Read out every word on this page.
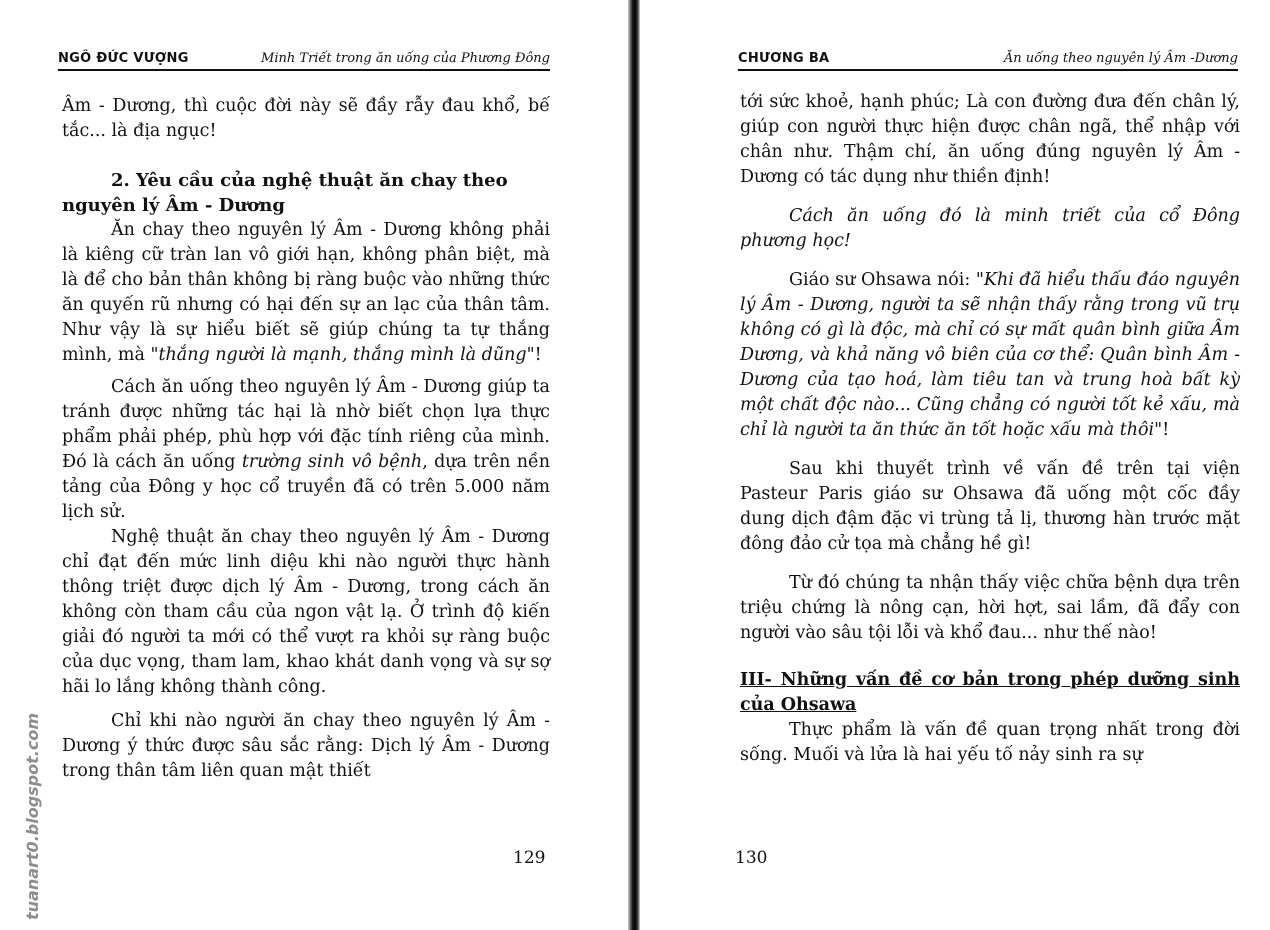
NGÔ ĐỨC VƯỢNG	Minh Triết trong ăn uống của Phương Đông

Âm - Dương, thì cuộc đời này sẽ đầy rẫy đau khổ, bế tắc... là địa ngục!

2. Yêu cầu của nghệ thuật ăn chay theo nguyên lý Âm - Dương

Ăn chay theo nguyên lý Âm - Dương không phải là kiêng cữ tràn lan vô giới hạn, không phân biệt, mà là để cho bản thân không bị ràng buộc vào những thức ăn quyến rũ nhưng có hại đến sự an lạc của thân tâm. Như vậy là sự hiểu biết sẽ giúp chúng ta tự thắng mình, mà "thắng người là mạnh, thắng mình là dũng"!

Cách ăn uống theo nguyên lý Âm - Dương giúp ta tránh được những tác hại là nhờ biết chọn lựa thực phẩm phải phép, phù hợp với đặc tính riêng của mình. Đó là cách ăn uống trường sinh vô bệnh, dựa trên nền tảng của Đông y học cổ truyền đã có trên 5.000 năm lịch sử.

Nghệ thuật ăn chay theo nguyên lý Âm - Dương chỉ đạt đến mức linh diệu khi nào người thực hành thông triệt được dịch lý Âm - Dương, trong cách ăn không còn tham cầu của ngon vật lạ. Ở trình độ kiến giải đó người ta mới có thể vượt ra khỏi sự ràng buộc của dục vọng, tham lam, khao khát danh vọng và sự sợ hãi lo lắng không thành công.

Chỉ khi nào người ăn chay theo nguyên lý Âm - Dương ý thức được sâu sắc rằng: Dịch lý Âm - Dương trong thân tâm liên quan mật thiết

129
CHƯƠNG BA	Ăn uống theo nguyên lý Âm -Dương

tới sức khoẻ, hạnh phúc; Là con đường đưa đến chân lý, giúp con người thực hiện được chân ngã, thể nhập với chân như. Thậm chí, ăn uống đúng nguyên lý Âm - Dương có tác dụng như thiền định!

Cách ăn uống đó là minh triết của cổ Đông phương học!

Giáo sư Ohsawa nói: "Khi đã hiểu thấu đáo nguyên lý Âm - Dương, người ta sẽ nhận thấy rằng trong vũ trụ không có gì là độc, mà chỉ có sự mất quân bình giữa Âm Dương, và khả năng vô biên của cơ thể: Quân bình Âm - Dương của tạo hoá, làm tiêu tan và trung hoà bất kỳ một chất độc nào... Cũng chẳng có người tốt kẻ xấu, mà chỉ là người ta ăn thức ăn tốt hoặc xấu mà thôi"!

Sau khi thuyết trình về vấn đề trên tại viện Pasteur Paris giáo sư Ohsawa đã uống một cốc đầy dung dịch đậm đặc vi trùng tả lị, thương hàn trước mặt đông đảo cử tọa mà chẳng hề gì!

Từ đó chúng ta nhận thấy việc chữa bệnh dựa trên triệu chứng là nông cạn, hời hợt, sai lầm, đã đẩy con người vào sâu tội lỗi và khổ đau... như thế nào!

III- Những vấn đề cơ bản trong phép dưỡng sinh của Ohsawa

Thực phẩm là vấn đề quan trọng nhất trong đời sống. Muối và lửa là hai yếu tố nảy sinh ra sự

130
tuanart0.blogspot.com
